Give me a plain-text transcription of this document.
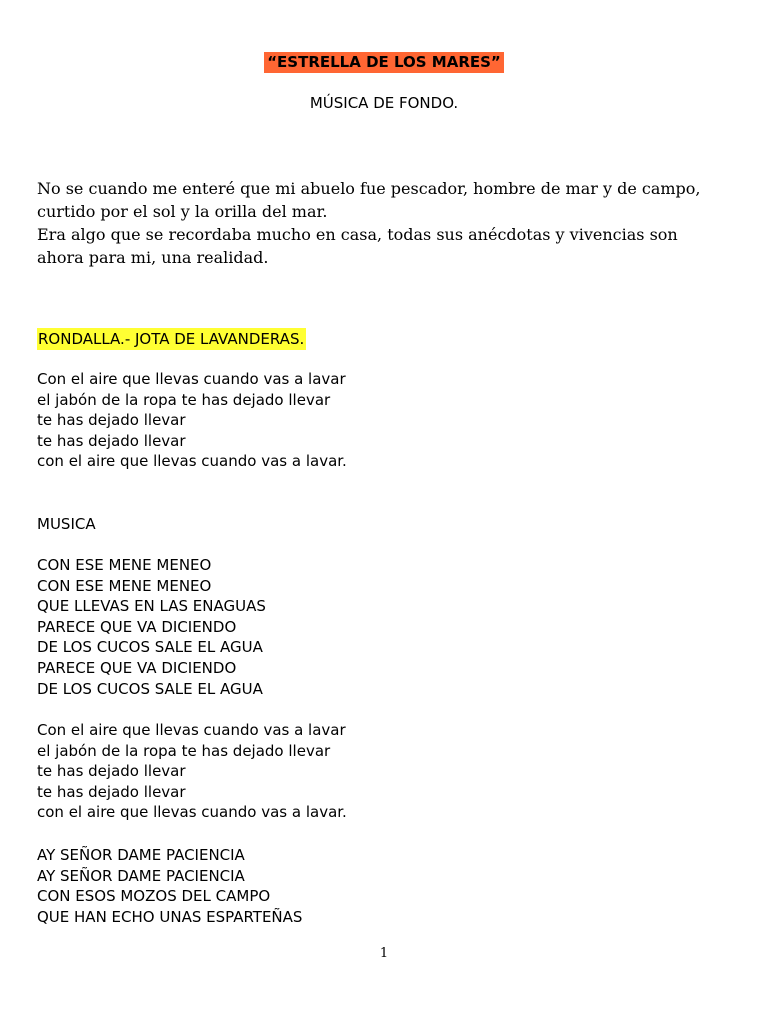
“ESTRELLA DE LOS MARES”
MÚSICA DE FONDO.

No se cuando me enteré que mi abuelo fue pescador, hombre de mar y de campo,

curtido por el sol y la orilla del mar.

Era algo que se recordaba mucho en casa, todas sus anécdotas y vivencias son

ahora para mi, una realidad.

RONDALLA.- JOTA DE LAVANDERAS.
Con el aire que llevas cuando vas a lavar
el jabón de la ropa te has dejado llevar
te has dejado llevar
te has dejado llevar
con el aire que llevas cuando vas a lavar.
MUSICA
CON ESE MENE MENEO
CON ESE MENE MENEO
QUE LLEVAS EN LAS ENAGUAS
PARECE QUE VA DICIENDO
DE LOS CUCOS SALE EL AGUA
PARECE QUE VA DICIENDO
DE LOS CUCOS SALE EL AGUA
Con el aire que llevas cuando vas a lavar
el jabón de la ropa te has dejado llevar
te has dejado llevar
te has dejado llevar
con el aire que llevas cuando vas a lavar.
AY SEÑOR DAME PACIENCIA
AY SEÑOR DAME PACIENCIA
CON ESOS MOZOS DEL CAMPO
QUE HAN ECHO UNAS ESPARTEÑAS
1
